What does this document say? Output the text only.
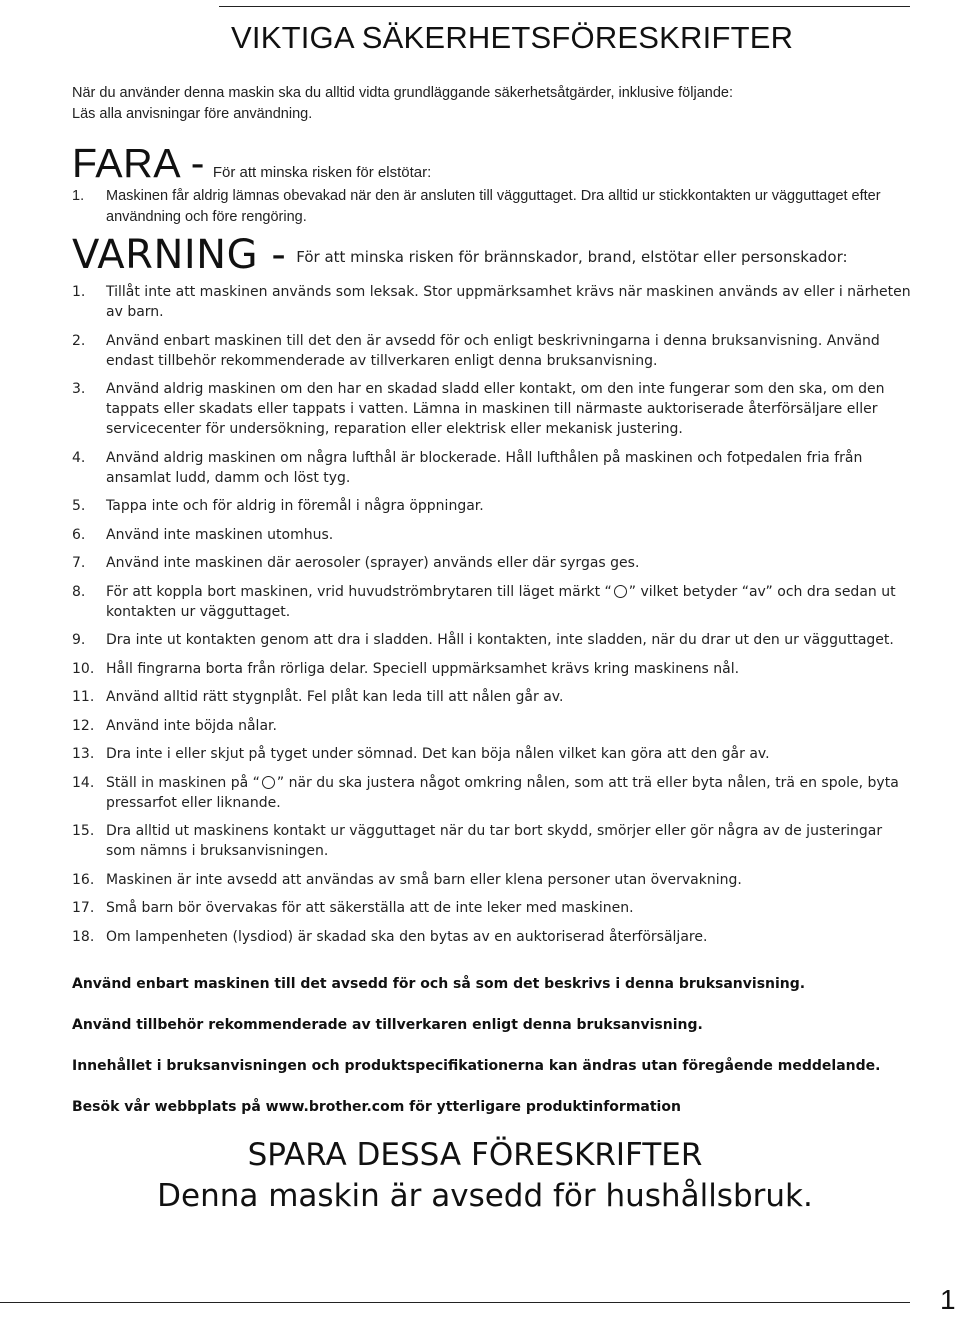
VIKTIGA SÄKERHETSFÖRESKRIFTER
När du använder denna maskin ska du alltid vidta grundläggande säkerhetsåtgärder, inklusive följande:
Läs alla anvisningar före användning.
FARA - För att minska risken för elstötar:
1.	Maskinen får aldrig lämnas obevakad när den är ansluten till vägguttaget. Dra alltid ur stickkontakten ur vägguttaget efter användning och före rengöring.
VARNING - För att minska risken för brännskador, brand, elstötar eller personskador:
1.	Tillåt inte att maskinen används som leksak. Stor uppmärksamhet krävs när maskinen används av eller i närheten av barn.
2.	Använd enbart maskinen till det den är avsedd för och enligt beskrivningarna i denna bruksanvisning. Använd endast tillbehör rekommenderade av tillverkaren enligt denna bruksanvisning.
3.	Använd aldrig maskinen om den har en skadad sladd eller kontakt, om den inte fungerar som den ska, om den tappats eller skadats eller tappats i vatten. Lämna in maskinen till närmaste auktoriserade återförsäljare eller servicecenter för undersökning, reparation eller elektrisk eller mekanisk justering.
4.	Använd aldrig maskinen om några lufthål är blockerade. Håll lufthålen på maskinen och fotpedalen fria från ansamlat ludd, damm och löst tyg.
5.	Tappa inte och för aldrig in föremål i några öppningar.
6.	Använd inte maskinen utomhus.
7.	Använd inte maskinen där aerosoler (sprayer) används eller där syrgas ges.
8.	För att koppla bort maskinen, vrid huvudströmbrytaren till läget märkt “ ” vilket betyder “av” och dra sedan ut kontakten ur vägguttaget.
9.	Dra inte ut kontakten genom att dra i sladden. Håll i kontakten, inte sladden, när du drar ut den ur vägguttaget.
10. Håll fingrarna borta från rörliga delar. Speciell uppmärksamhet krävs kring maskinens nål.
11. Använd alltid rätt stygnplåt. Fel plåt kan leda till att nålen går av.
12. Använd inte böjda nålar.
13. Dra inte i eller skjut på tyget under sömnad. Det kan böja nålen vilket kan göra att den går av.
14. Ställ in maskinen på “ ” när du ska justera något omkring nålen, som att trä eller byta nålen, trä en spole, byta pressarfot eller liknande.
15. Dra alltid ut maskinens kontakt ur vägguttaget när du tar bort skydd, smörjer eller gör några av de justeringar som nämns i bruksanvisningen.
16. Maskinen är inte avsedd att användas av små barn eller klena personer utan övervakning.
17. Små barn bör övervakas för att säkerställa att de inte leker med maskinen.
18. Om lampenheten (lysdiod) är skadad ska den bytas av en auktoriserad återförsäljare.

Använd enbart maskinen till det avsedd för och så som det beskrivs i denna bruksanvisning.

Använd tillbehör rekommenderade av tillverkaren enligt denna bruksanvisning.

Innehållet i bruksanvisningen och produktspecifikationerna kan ändras utan föregående meddelande.

Besök vår webbplats på www.brother.com för ytterligare produktinformation

SPARA DESSA FÖRESKRIFTER
Denna maskin är avsedd för hushållsbruk.
1
